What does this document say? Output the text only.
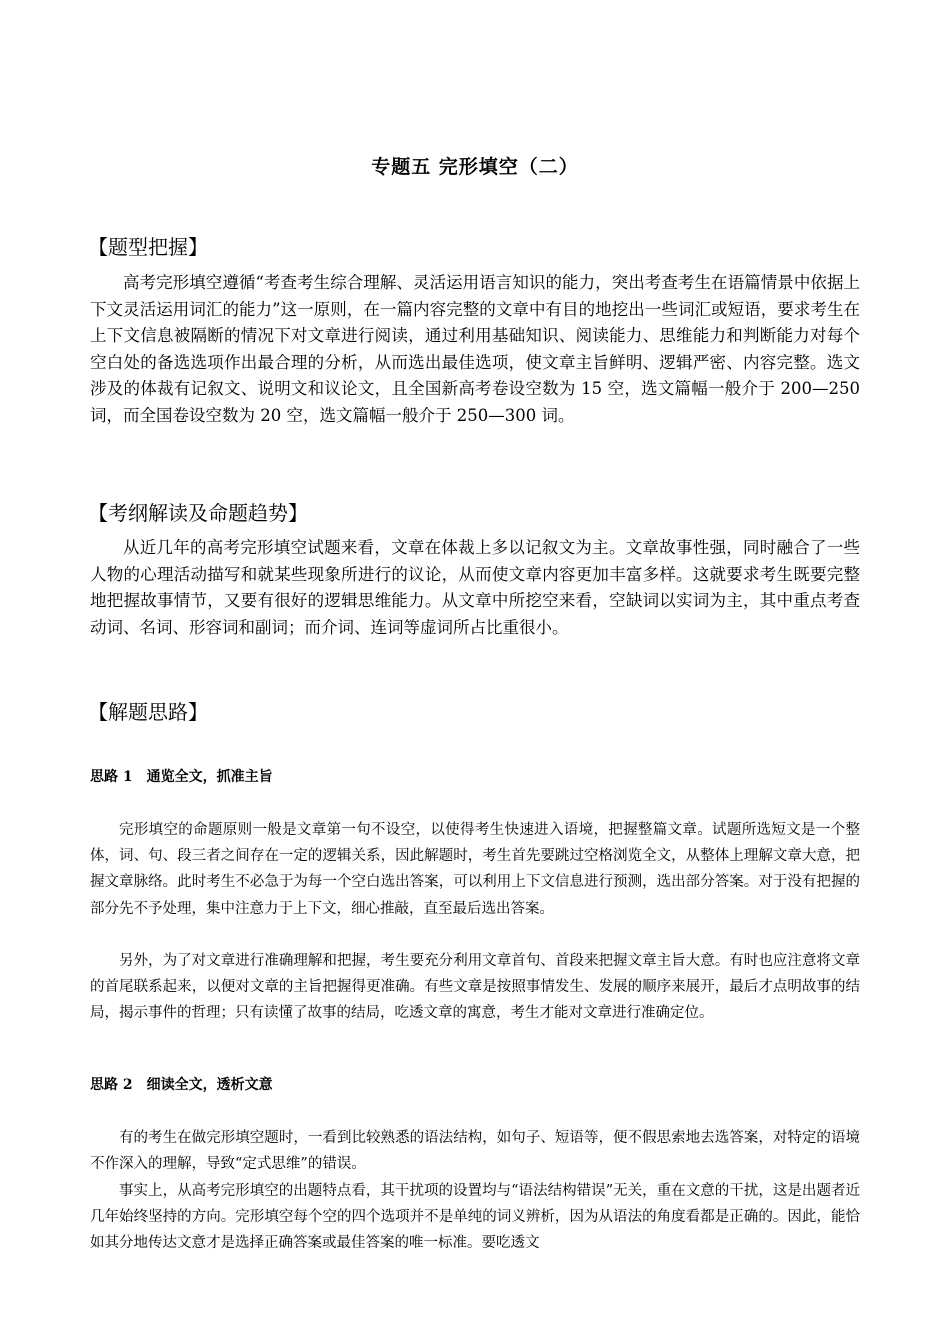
专题五 完形填空（二）
【题型把握】
高考完形填空遵循“考查考生综合理解、灵活运用语言知识的能力，突出考查考生在语篇情景中依据上下文灵活运用词汇的能力”这一原则，在一篇内容完整的文章中有目的地挖出一些词汇或短语，要求考生在上下文信息被隔断的情况下对文章进行阅读，通过利用基础知识、阅读能力、思维能力和判断能力对每个空白处的备选选项作出最合理的分析，从而选出最佳选项，使文章主旨鲜明、逻辑严密、内容完整。选文涉及的体裁有记叙文、说明文和议论文，且全国新高考卷设空数为 15 空，选文篇幅一般介于 200—250 词，而全国卷设空数为 20 空，选文篇幅一般介于 250—300 词。
【考纲解读及命题趋势】
从近几年的高考完形填空试题来看，文章在体裁上多以记叙文为主。文章故事性强，同时融合了一些人物的心理活动描写和就某些现象所进行的议论，从而使文章内容更加丰富多样。这就要求考生既要完整地把握故事情节，又要有很好的逻辑思维能力。从文章中所挖空来看，空缺词以实词为主，其中重点考查动词、名词、形容词和副词；而介词、连词等虚词所占比重很小。
【解题思路】
思路 1　通览全文，抓准主旨
完形填空的命题原则一般是文章第一句不设空，以使得考生快速进入语境，把握整篇文章。试题所选短文是一个整体，词、句、段三者之间存在一定的逻辑关系，因此解题时，考生首先要跳过空格浏览全文，从整体上理解文章大意，把握文章脉络。此时考生不必急于为每一个空白选出答案，可以利用上下文信息进行预测，选出部分答案。对于没有把握的部分先不予处理，集中注意力于上下文，细心推敲，直至最后选出答案。
另外，为了对文章进行准确理解和把握，考生要充分利用文章首句、首段来把握文章主旨大意。有时也应注意将文章的首尾联系起来，以便对文章的主旨把握得更准确。有些文章是按照事情发生、发展的顺序来展开，最后才点明故事的结局，揭示事件的哲理；只有读懂了故事的结局，吃透文章的寓意，考生才能对文章进行准确定位。
思路 2　细读全文，透析文意
有的考生在做完形填空题时，一看到比较熟悉的语法结构，如句子、短语等，便不假思索地去选答案，对特定的语境不作深入的理解，导致“定式思维”的错误。
事实上，从高考完形填空的出题特点看，其干扰项的设置均与“语法结构错误”无关，重在文意的干扰，这是出题者近几年始终坚持的方向。完形填空每个空的四个选项并不是单纯的词义辨析，因为从语法的角度看都是正确的。因此，能恰如其分地传达文意才是选择正确答案或最佳答案的唯一标准。要吃透文
